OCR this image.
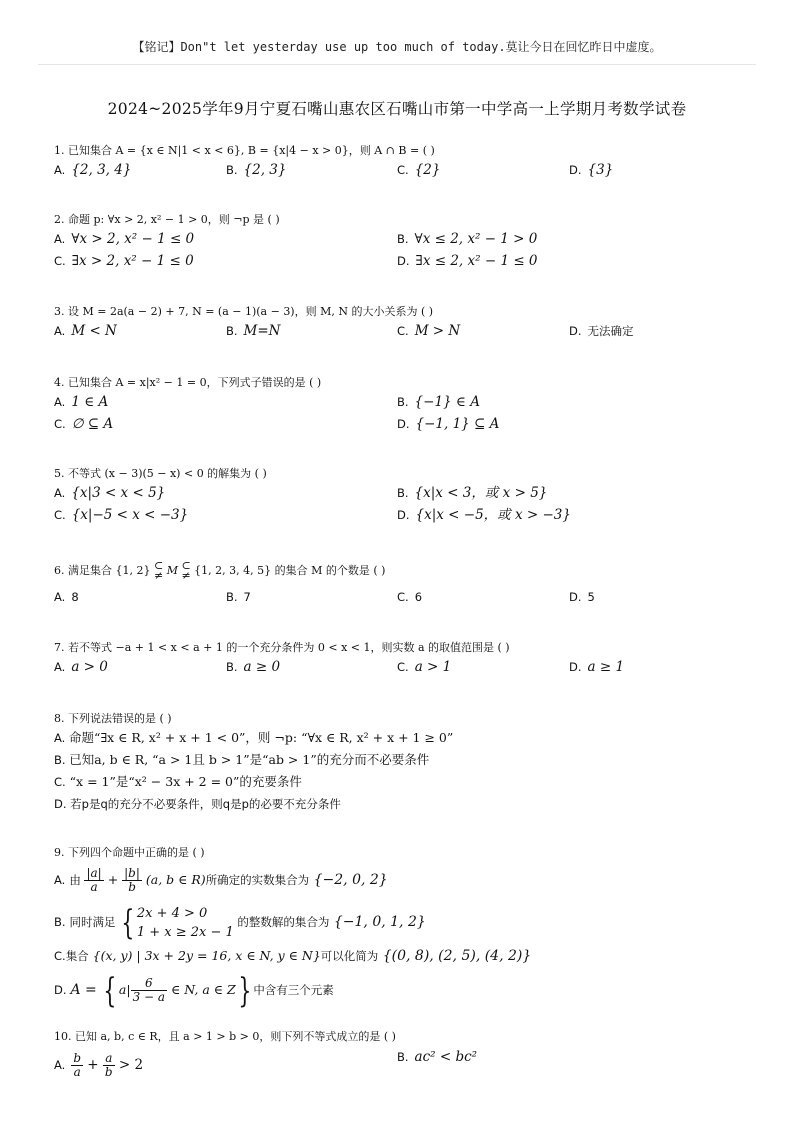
【铭记】Don"t let yesterday use up too much of today.莫让今日在回忆昨日中虚度。
2024~2025学年9月宁夏石嘴山惠农区石嘴山市第一中学高一上学期月考数学试卷
1. 已知集合 A = {x ∈ N|1 < x < 6}, B = {x|4 − x > 0}，则 A ∩ B = ( )
A. {2, 3, 4}	B. {2, 3}	C. {2}	D. {3}
2. 命题 p: ∀x > 2, x² − 1 > 0，则 ¬p 是 ( )
A. ∀x > 2, x² − 1 ≤ 0	B. ∀x ≤ 2, x² − 1 > 0
C. ∃x > 2, x² − 1 ≤ 0	D. ∃x ≤ 2, x² − 1 ≤ 0
3. 设 M = 2a(a − 2) + 7, N = (a − 1)(a − 3)，则 M, N 的大小关系为 ( )
A. M < N	B. M=N	C. M > N	D. 无法确定
4. 已知集合 A = x|x² − 1 = 0，下列式子错误的是 ( )
A. 1 ∈ A	B. {−1} ∈ A
C. ∅ ⊆ A	D. {−1, 1} ⊆ A
5. 不等式 (x − 3)(5 − x) < 0 的解集为 ( )
A. {x|3 < x < 5}	B. {x|x < 3，或 x > 5}
C. {x|−5 < x < −3}	D. {x|x < −5，或 x > −3}
6. 满足集合 {1, 2} ⊂
≠ M ⊂
≠ {1, 2, 3, 4, 5} 的集合 M 的个数是 ( )
A. 8	B. 7	C. 6	D. 5
7. 若不等式 −a + 1 < x < a + 1 的一个充分条件为 0 < x < 1，则实数 a 的取值范围是 ( )
A. a > 0	B. a ≥ 0	C. a > 1	D. a ≥ 1
8. 下列说法错误的是 ( )
A. 命题“∃x ∈ R, x² + x + 1 < 0”，则 ¬p: “∀x ∈ R, x² + x + 1 ≥ 0”
B. 已知a, b ∈ R, “a > 1且 b > 1”是“ab > 1”的充分而不必要条件
C. “x = 1”是“x² − 3x + 2 = 0”的充要条件
D. 若p是q的充分不必要条件，则q是p的必要不充分条件
9. 下列四个命题中正确的是 ( )
A. 由 $\frac{|a|}{a} + \frac{|b|}{b} (a$, b ∈ R)所确定的实数集合为 {−2, 0, 2}
B. 同时满足 { 2x + 4 > 0
1 + x ≥ 2x − 1
的整数解的集合为 {−1, 0, 1, 2}
C.集合 {(x, y) | 3x + 2y = 16, x ∈ N, y ∈ N}可以化简为 {(0, 8), (2, 5), (4, 2)}
D. A = { $a| \frac{6}{3 - a}$ ∈ N, a ∈ Z} 中含有三个元素
10. 已知 a, b, c ∈ R，且 a > 1 > b > 0，则下列不等式成立的是 ( )
A. $\frac{b}{a} + \frac{a}{b} > 2$	B. ac² < bc²
